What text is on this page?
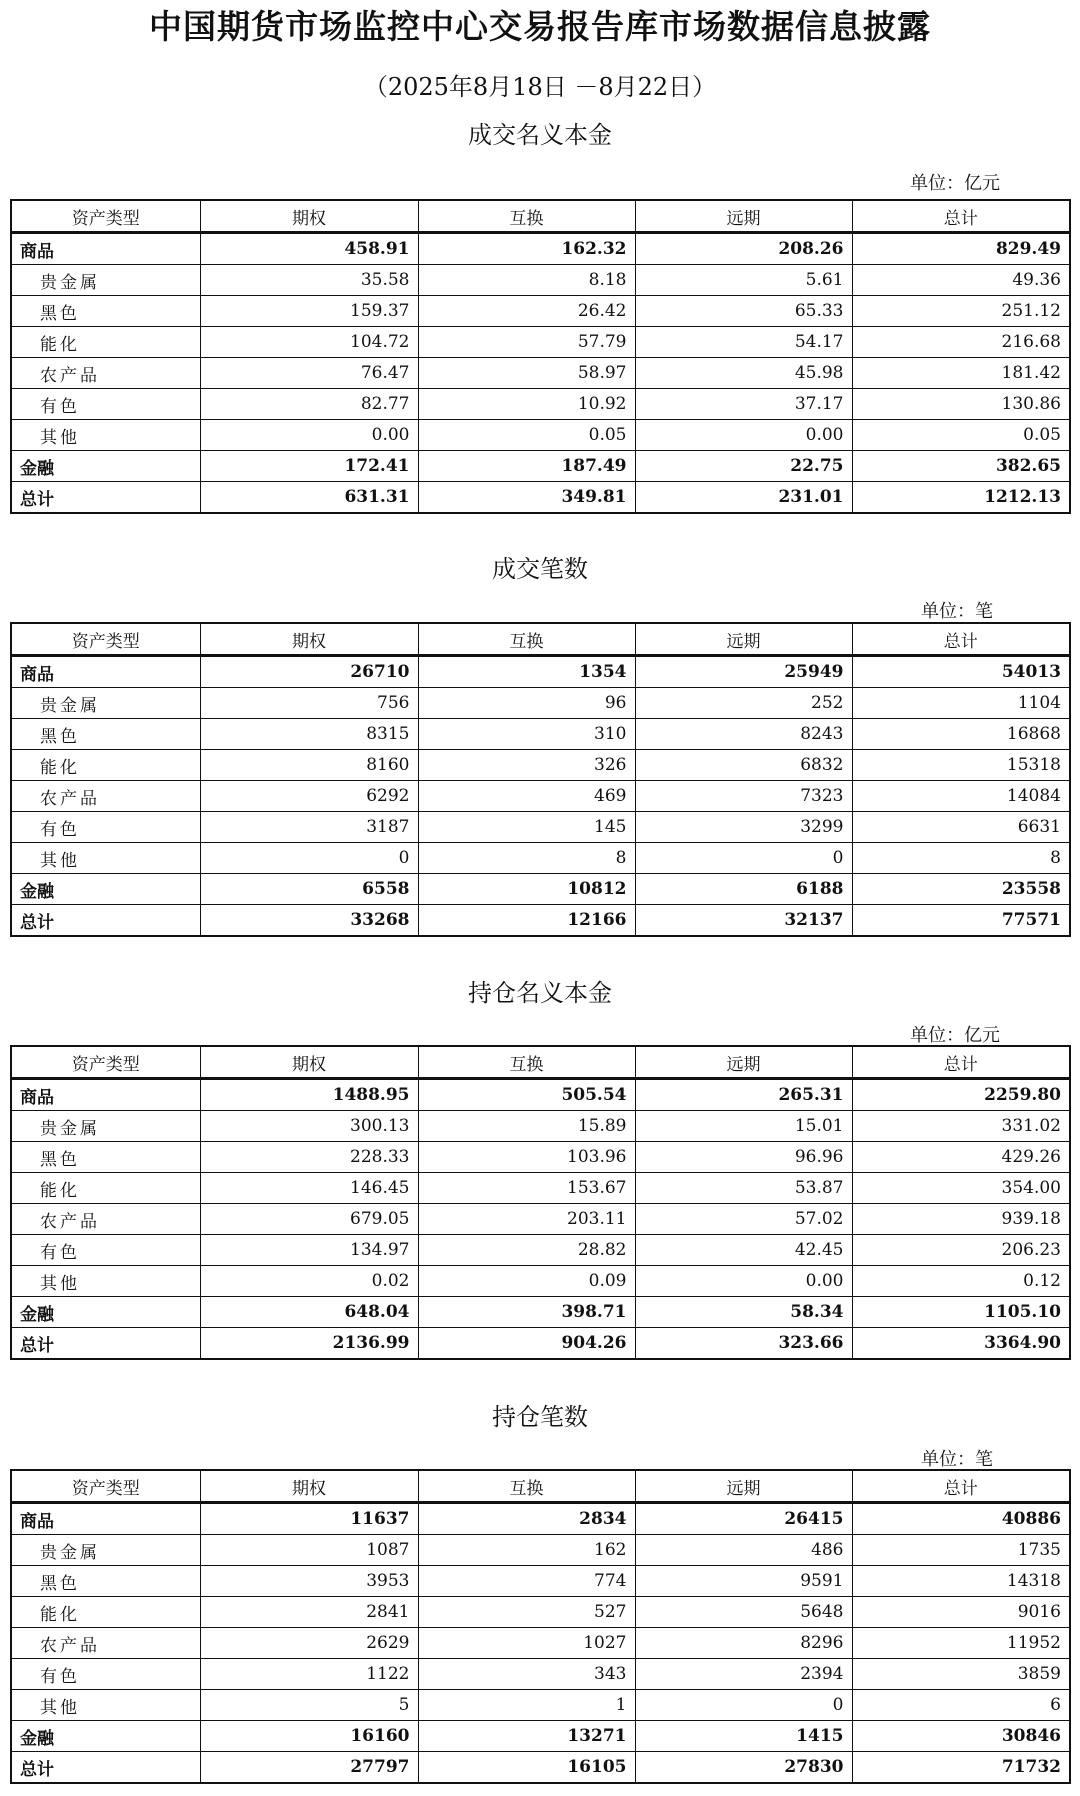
中国期货市场监控中心交易报告库市场数据信息披露
（2025年8月18日 －8月22日）
成交名义本金
单位：亿元
资产类型	期权	互换	远期	总计
商品	458.91	162.32	208.26	829.49
贵金属	35.58	8.18	5.61	49.36
黑色	159.37	26.42	65.33	251.12
能化	104.72	57.79	54.17	216.68
农产品	76.47	58.97	45.98	181.42
有色	82.77	10.92	37.17	130.86
其他	0.00	0.05	0.00	0.05
金融	172.41	187.49	22.75	382.65
总计	631.31	349.81	231.01	1212.13
成交笔数
单位：笔
资产类型	期权	互换	远期	总计
商品	26710	1354	25949	54013
贵金属	756	96	252	1104
黑色	8315	310	8243	16868
能化	8160	326	6832	15318
农产品	6292	469	7323	14084
有色	3187	145	3299	6631
其他	0	8	0	8
金融	6558	10812	6188	23558
总计	33268	12166	32137	77571
持仓名义本金
单位：亿元
资产类型	期权	互换	远期	总计
商品	1488.95	505.54	265.31	2259.80
贵金属	300.13	15.89	15.01	331.02
黑色	228.33	103.96	96.96	429.26
能化	146.45	153.67	53.87	354.00
农产品	679.05	203.11	57.02	939.18
有色	134.97	28.82	42.45	206.23
其他	0.02	0.09	0.00	0.12
金融	648.04	398.71	58.34	1105.10
总计	2136.99	904.26	323.66	3364.90
持仓笔数
单位：笔
资产类型	期权	互换	远期	总计
商品	11637	2834	26415	40886
贵金属	1087	162	486	1735
黑色	3953	774	9591	14318
能化	2841	527	5648	9016
农产品	2629	1027	8296	11952
有色	1122	343	2394	3859
其他	5	1	0	6
金融	16160	13271	1415	30846
总计	27797	16105	27830	71732
